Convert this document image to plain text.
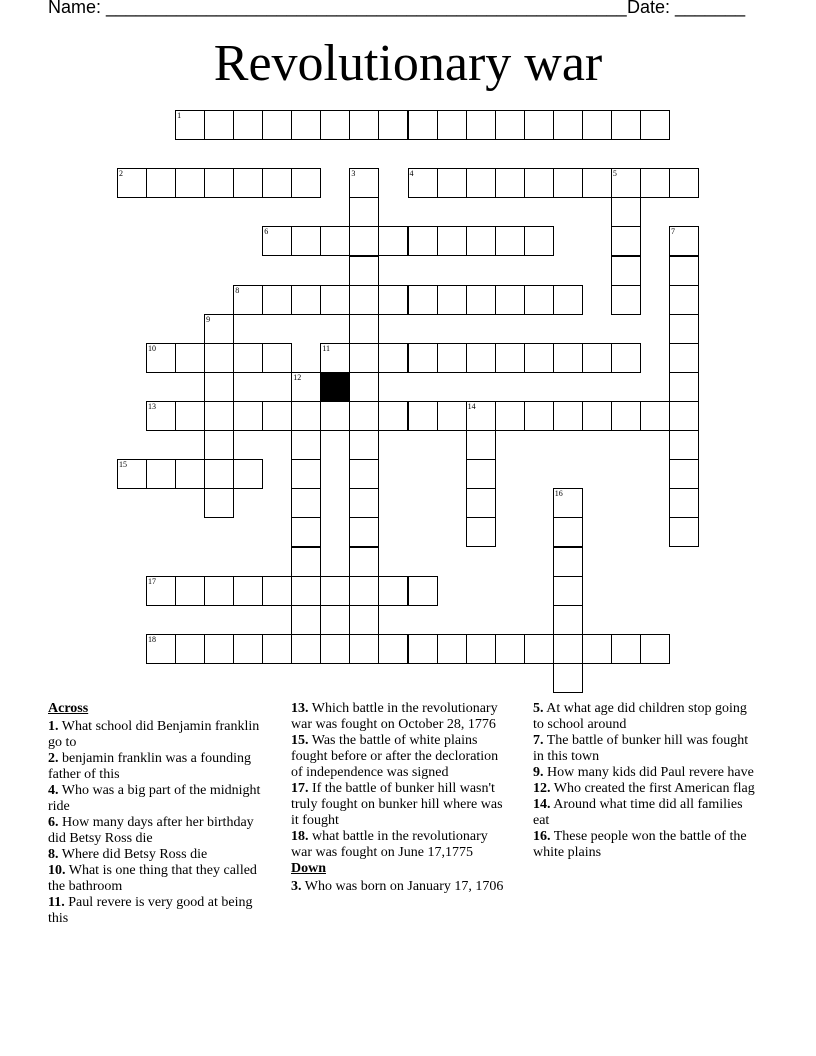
Name: ____________________________________________________ Date: _______
Revolutionary war
1
2	4	5
6
8
10	11
13	14
15
17
18
3
7
9
12
16
Across

1. What school did Benjamin franklin go to

2. benjamin franklin was a founding father of this

4. Who was a big part of the midnight ride

6. How many days after her birthday did Betsy Ross die

8. Where did Betsy Ross die

10. What is one thing that they called the bathroom

11. Paul revere is very good at being this

13. Which battle in the revolutionary war was fought on October 28, 1776

15. Was the battle of white plains fought before or after the decloration of independence was signed

17. If the battle of bunker hill wasn't truly fought on bunker hill where was it fought

18. what battle in the revolutionary war was fought on June 17,1775

Down

3. Who was born on January 17, 1706

5. At what age did children stop going to school around

7. The battle of bunker hill was fought in this town

9. How many kids did Paul revere have

12. Who created the first American flag

14. Around what time did all families eat

16. These people won the battle of the white plains
